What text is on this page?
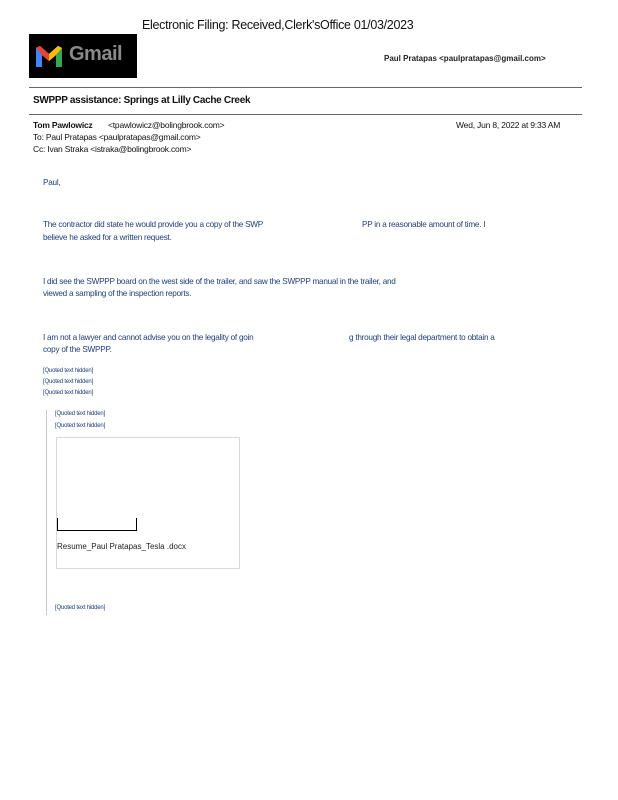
Electronic Filing: Received,Clerk'sOffice 01/03/2023
Gmail	Paul Pratapas <paulpratapas@gmail.com>
SWPPP assistance: Springs at Lilly Cache Creek
Tom Pawlowicz <tpawlowicz@bolingbrook.com>	Wed, Jun 8, 2022 at 9:33 AM
To: Paul Pratapas <paulpratapas@gmail.com>
Cc: Ivan Straka <istraka@bolingbrook.com>
Paul,
The contractor did state he would provide you a copy of the SWP	PP in a reasonable amount of time. I
believe he asked for a written request.
I did see the SWPPP board on the west side of the trailer, and saw the SWPPP manual in the trailer, and
viewed a sampling of the inspection reports.
I am not a lawyer and cannot advise you on the legality of goin	g through their legal department to obtain a
copy of the SWPPP.
[Quoted text hidden]
[Quoted text hidden]
[Quoted text hidden]
[Quoted text hidden]
[Quoted text hidden]
Resume_Paul Pratapas_Tesla .docx
[Quoted text hidden]
